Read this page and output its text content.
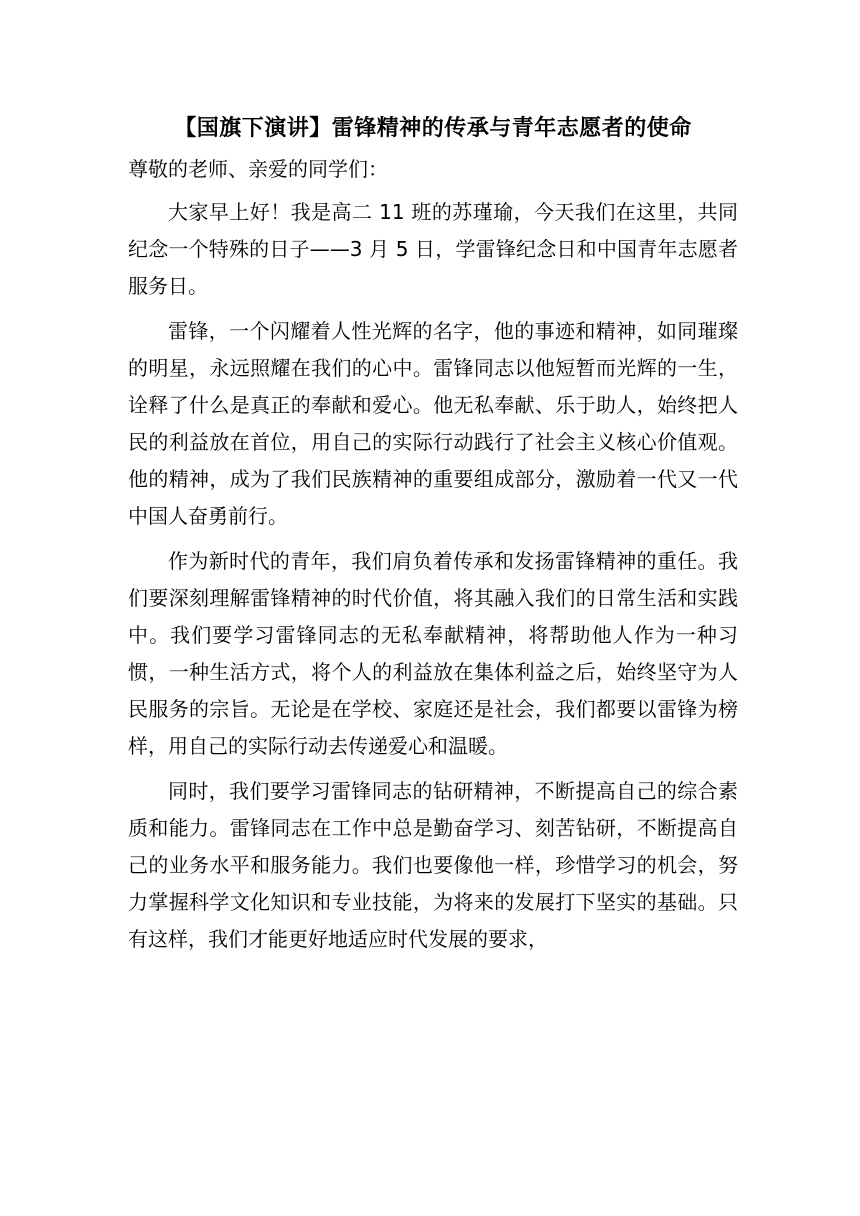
【国旗下演讲】雷锋精神的传承与青年志愿者的使命

尊敬的老师、亲爱的同学们：

大家早上好！我是高二 11 班的苏瑾瑜，今天我们在这里，共同纪念一个特殊的日子——3 月 5 日，学雷锋纪念日和中国青年志愿者服务日。

雷锋，一个闪耀着人性光辉的名字，他的事迹和精神，如同璀璨的明星，永远照耀在我们的心中。雷锋同志以他短暂而光辉的一生，诠释了什么是真正的奉献和爱心。他无私奉献、乐于助人，始终把人民的利益放在首位，用自己的实际行动践行了社会主义核心价值观。他的精神，成为了我们民族精神的重要组成部分，激励着一代又一代中国人奋勇前行。

作为新时代的青年，我们肩负着传承和发扬雷锋精神的重任。我们要深刻理解雷锋精神的时代价值，将其融入我们的日常生活和实践中。我们要学习雷锋同志的无私奉献精神，将帮助他人作为一种习惯，一种生活方式，将个人的利益放在集体利益之后，始终坚守为人民服务的宗旨。无论是在学校、家庭还是社会，我们都要以雷锋为榜样，用自己的实际行动去传递爱心和温暖。

同时，我们要学习雷锋同志的钻研精神，不断提高自己的综合素质和能力。雷锋同志在工作中总是勤奋学习、刻苦钻研，不断提高自己的业务水平和服务能力。我们也要像他一样，珍惜学习的机会，努力掌握科学文化知识和专业技能，为将来的发展打下坚实的基础。只有这样，我们才能更好地适应时代发展的要求，
